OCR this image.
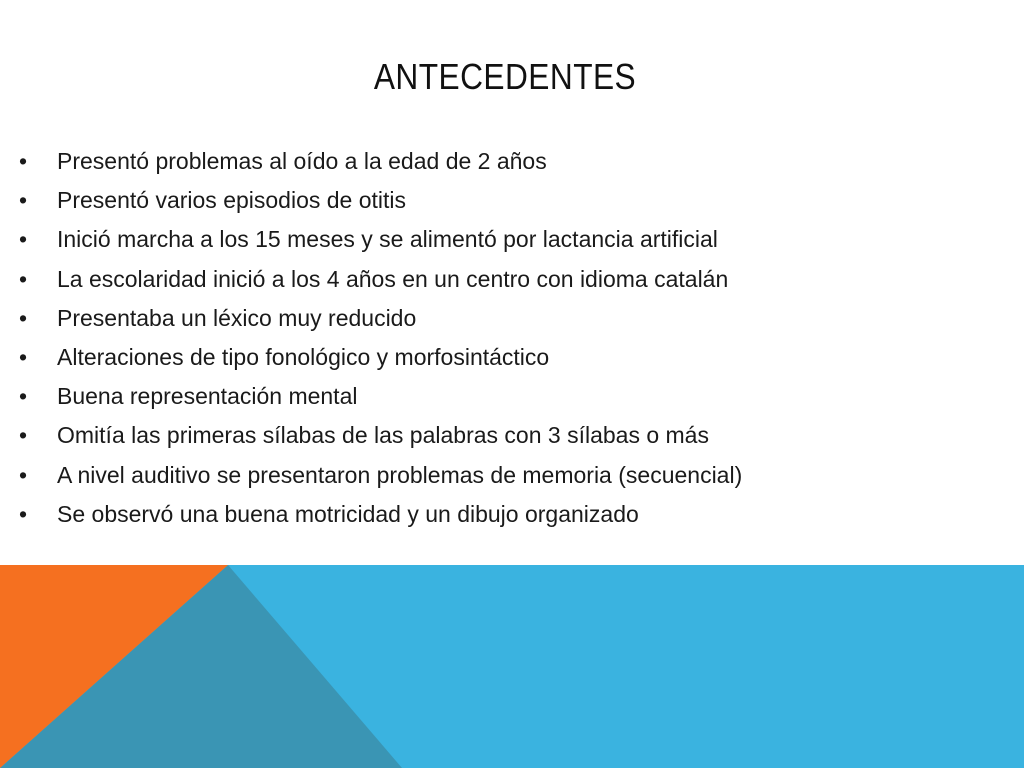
ANTECEDENTES
• Presentó problemas al oído a la edad de 2 años
• Presentó varios episodios de otitis
• Inició marcha a los 15 meses y se alimentó por lactancia artificial
• La escolaridad inició a los 4 años en un centro con idioma catalán
• Presentaba un léxico muy reducido
• Alteraciones de tipo fonológico y morfosintáctico
• Buena representación mental
• Omitía las primeras sílabas de las palabras con 3 sílabas o más
• A nivel auditivo se presentaron problemas de memoria (secuencial)
• Se observó una buena motricidad y un dibujo organizado
